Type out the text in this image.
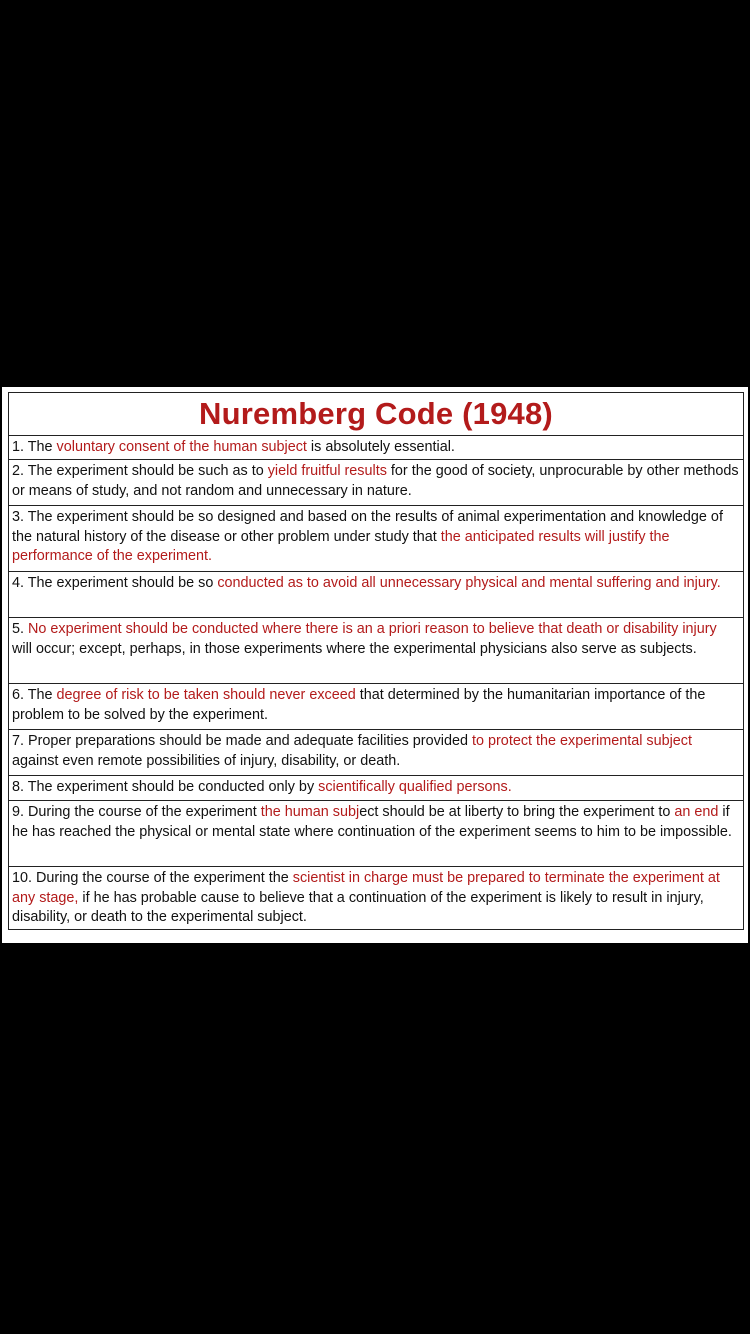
Nuremberg Code (1948)
1. The voluntary consent of the human subject is absolutely essential.
2. The experiment should be such as to yield fruitful results for the good of society, unprocurable by other methods or means of study, and not random and unnecessary in nature.
3. The experiment should be so designed and based on the results of animal experimentation and knowledge of the natural history of the disease or other problem under study that the anticipated results will justify the performance of the experiment.
4. The experiment should be so conducted as to avoid all unnecessary physical and mental suffering and injury.
5. No experiment should be conducted where there is an a priori reason to believe that death or disability injury will occur; except, perhaps, in those experiments where the experimental physicians also serve as subjects.
6. The degree of risk to be taken should never exceed that determined by the humanitarian importance of the problem to be solved by the experiment.
7. Proper preparations should be made and adequate facilities provided to protect the experimental subject against even remote possibilities of injury, disability, or death.
8. The experiment should be conducted only by scientifically qualified persons.
9. During the course of the experiment the human subject should be at liberty to bring the experiment to an end if he has reached the physical or mental state where continuation of the experiment seems to him to be impossible.
10. During the course of the experiment the scientist in charge must be prepared to terminate the experiment at any stage, if he has probable cause to believe that a continuation of the experiment is likely to result in injury, disability, or death to the experimental subject.
